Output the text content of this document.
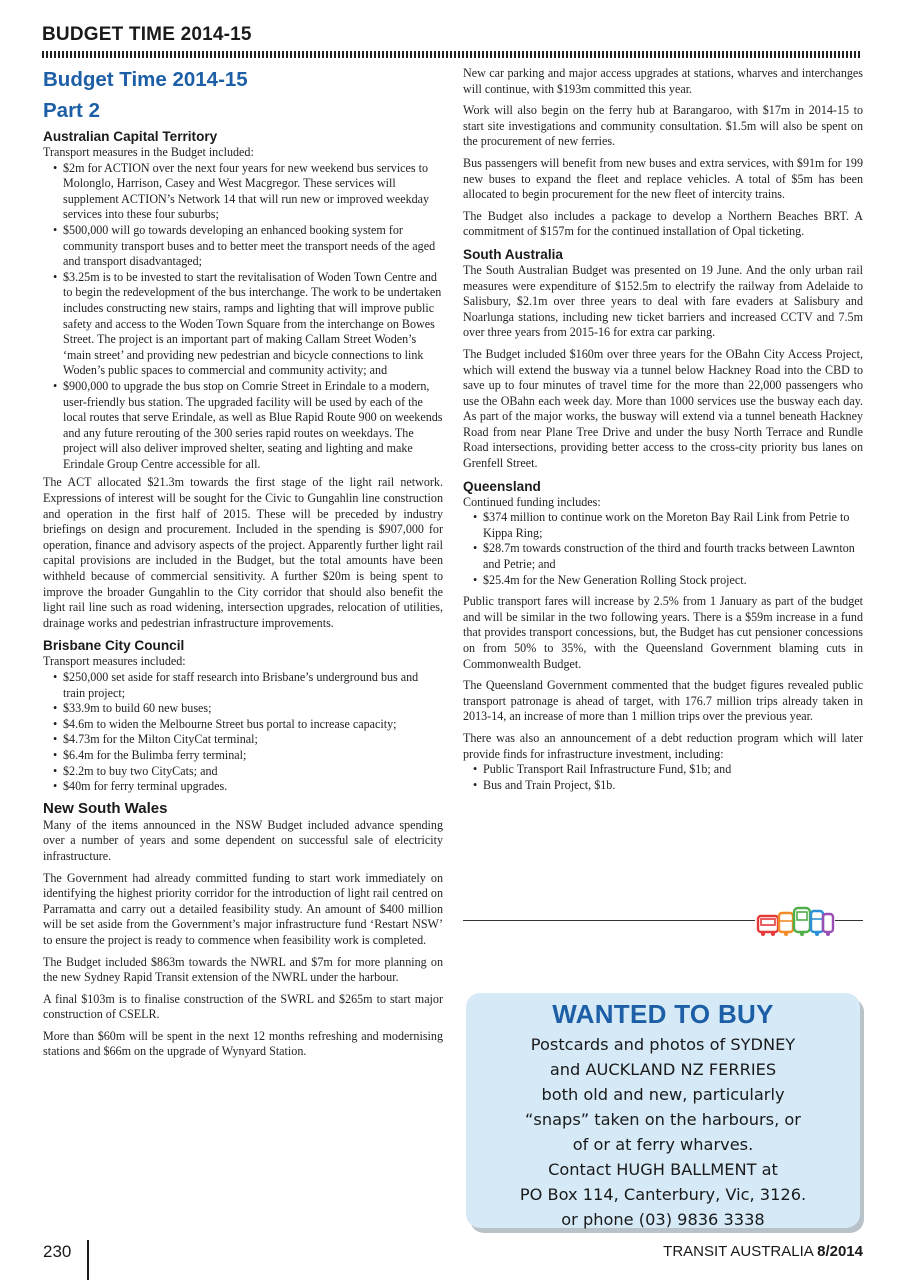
BUDGET TIME 2014-15
Budget Time 2014-15
Part 2
Australian Capital Territory

Transport measures in the Budget included:

• $2m for ACTION over the next four years for new weekend bus services to Molonglo, Harrison, Casey and West Macgregor. These services will supplement ACTION’s Network 14 that will run new or improved weekday services into these four suburbs;
• $500,000 will go towards developing an enhanced booking system for community transport buses and to better meet the transport needs of the aged and transport disadvantaged;
• $3.25m is to be invested to start the revitalisation of Woden Town Centre and to begin the redevelopment of the bus interchange. The work to be undertaken includes constructing new stairs, ramps and lighting that will improve public safety and access to the Woden Town Square from the interchange on Bowes Street. The project is an important part of making Callam Street Woden’s ‘main street’ and providing new pedestrian and bicycle connections to link Woden’s public spaces to commercial and community activity; and
• $900,000 to upgrade the bus stop on Comrie Street in Erindale to a modern, user-friendly bus station. The upgraded facility will be used by each of the local routes that serve Erindale, as well as Blue Rapid Route 900 on weekends and any future rerouting of the 300 series rapid routes on weekdays. The project will also deliver improved shelter, seating and lighting and make Erindale Group Centre accessible for all.

The ACT allocated $21.3m towards the first stage of the light rail network. Expressions of interest will be sought for the Civic to Gungahlin line construction and operation in the first half of 2015. These will be preceded by industry briefings on design and procurement. Included in the spending is $907,000 for operation, finance and advisory aspects of the project. Apparently further light rail capital provisions are included in the Budget, but the total amounts have been withheld because of commercial sensitivity. A further $20m is being spent to improve the broader Gungahlin to the City corridor that should also benefit the light rail line such as road widening, intersection upgrades, relocation of utilities, drainage works and pedestrian infrastructure improvements.

Brisbane City Council

Transport measures included:

• $250,000 set aside for staff research into Brisbane’s underground bus and train project;
• $33.9m to build 60 new buses;
• $4.6m to widen the Melbourne Street bus portal to increase capacity;
• $4.73m for the Milton CityCat terminal;
• $6.4m for the Bulimba ferry terminal;
• $2.2m to buy two CityCats; and
• $40m for ferry terminal upgrades.
New South Wales

Many of the items announced in the NSW Budget included advance spending over a number of years and some dependent on successful sale of electricity infrastructure.

The Government had already committed funding to start work immediately on identifying the highest priority corridor for the introduction of light rail centred on Parramatta and carry out a detailed feasibility study. An amount of $400 million will be set aside from the Government’s major infrastructure fund ‘Restart NSW’ to ensure the project is ready to commence when feasibility work is completed.

The Budget included $863m towards the NWRL and $7m for more planning on the new Sydney Rapid Transit extension of the NWRL under the harbour.

A final $103m is to finalise construction of the SWRL and $265m to start major construction of CSELR.

More than $60m will be spent in the next 12 months refreshing and modernising stations and $66m on the upgrade of Wynyard Station.

New car parking and major access upgrades at stations, wharves and interchanges will continue, with $193m committed this year.

Work will also begin on the ferry hub at Barangaroo, with $17m in 2014-15 to start site investigations and community consultation. $1.5m will also be spent on the procurement of new ferries.

Bus passengers will benefit from new buses and extra services, with $91m for 199 new buses to expand the fleet and replace vehicles. A total of $5m has been allocated to begin procurement for the new fleet of intercity trains.

The Budget also includes a package to develop a Northern Beaches BRT. A commitment of $157m for the continued installation of Opal ticketing.

South Australia

The South Australian Budget was presented on 19 June. And the only urban rail measures were expenditure of $152.5m to electrify the railway from Adelaide to Salisbury, $2.1m over three years to deal with fare evaders at Salisbury and Noarlunga stations, including new ticket barriers and increased CCTV and 7.5m over three years from 2015-16 for extra car parking.

The Budget included $160m over three years for the OBahn City Access Project, which will extend the busway via a tunnel below Hackney Road into the CBD to save up to four minutes of travel time for the more than 22,000 passengers who use the OBahn each week day. More than 1000 services use the busway each day. As part of the major works, the busway will extend via a tunnel beneath Hackney Road from near Plane Tree Drive and under the busy North Terrace and Rundle Road intersections, providing better access to the cross-city priority bus lanes on Grenfell Street.

Queensland

Continued funding includes:

• $374 million to continue work on the Moreton Bay Rail Link from Petrie to Kippa Ring;
• $28.7m towards construction of the third and fourth tracks between Lawnton and Petrie; and
• $25.4m for the New Generation Rolling Stock project.

Public transport fares will increase by 2.5% from 1 January as part of the budget and will be similar in the two following years. There is a $59m increase in a fund that provides transport concessions, but, the Budget has cut pensioner concessions on from 50% to 35%, with the Queensland Government blaming cuts in Commonwealth Budget.

The Queensland Government commented that the budget figures revealed public transport patronage is ahead of target, with 176.7 million trips already taken in 2013-14, an increase of more than 1 million trips over the previous year.

There was also an announcement of a debt reduction program which will later provide finds for infrastructure investment, including:

• Public Transport Rail Infrastructure Fund, $1b; and
• Bus and Train Project, $1b.
WANTED TO BUY
Postcards and photos of SYDNEY
and AUCKLAND NZ FERRIES
both old and new, particularly
“snaps” taken on the harbours, or
of or at ferry wharves.
Contact HUGH BALLMENT at
PO Box 114, Canterbury, Vic, 3126.
or phone (03) 9836 3338
230	TRANSIT AUSTRALIA 8/2014
